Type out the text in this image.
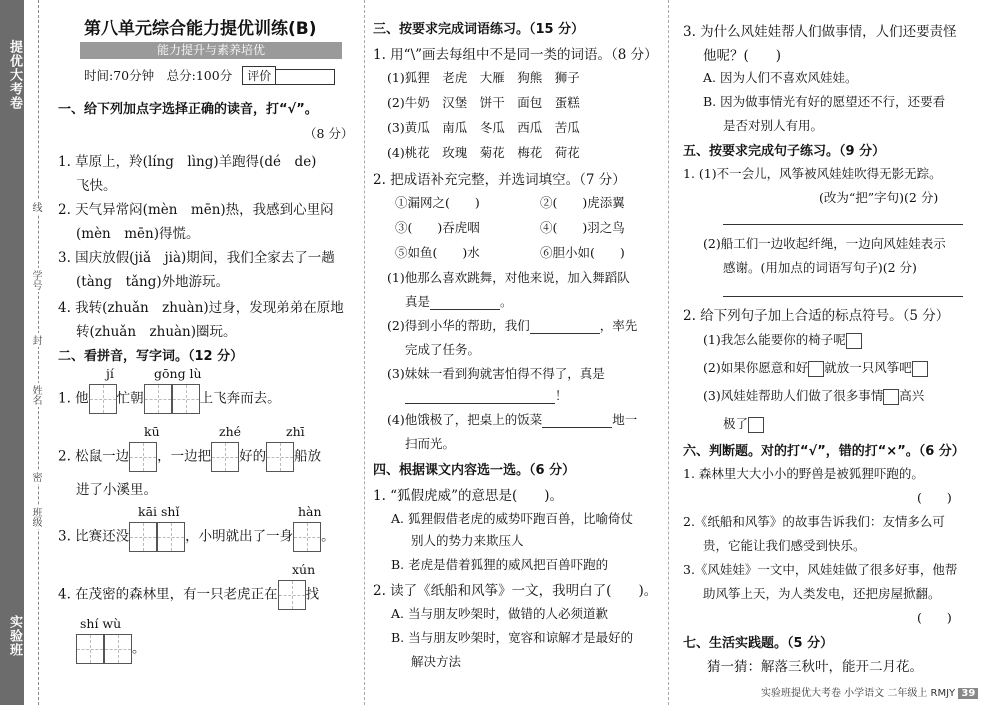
提优大考卷
实验班
线
学号
封
姓名
密
班级
第八单元综合能力提优训练(B)
能力提升与素养培优
时间:70分钟　总分:100分 评价
一、给下列加点字选择正确的读音，打“√”。
（8 分）
1. 草原上，羚(líng　lìng)羊跑得(dé　de)
飞快。
2. 天气异常闷(mèn　mēn)热，我感到心里闷
(mèn　mēn)得慌。
3. 国庆放假(jiǎ　jià)期间，我们全家去了一趟
(tàng　tǎng)外地游玩。
4. 我转(zhuǎn　zhuàn)过身，发现弟弟在原地
转(zhuǎn　zhuàn)圈玩。
二、看拼音，写字词。（12 分）
jí	gōng lù
1. 他 忙朝	上飞奔而去。
kū	zhé	zhī
2. 松鼠一边 ，一边把 好的 船放
进了小溪里。
kāi shǐ	hàn
3. 比赛还没	，小明就出了一身 。
xún
4. 在茂密的森林里，有一只老虎正在 找
shí wù
。
三、按要求完成词语练习。（15 分）
1. 用“\”画去每组中不是同一类的词语。（8 分）
(1)狐狸　老虎　大雁　狗熊　狮子
(2)牛奶　汉堡　饼干　面包　蛋糕
(3)黄瓜　南瓜　冬瓜　西瓜　苦瓜
(4)桃花　玫瑰　菊花　梅花　荷花
2. 把成语补充完整，并选词填空。（7 分）
①漏网之(　　)	②(　　)虎添翼
③(　　)吞虎咽	④(　　)羽之鸟
⑤如鱼(　　)水	⑥胆小如(　　)
(1)他那么喜欢跳舞，对他来说，加入舞蹈队
真是	。
(2)得到小华的帮助，我们	，率先
完成了任务。
(3)妹妹一看到狗就害怕得不得了，真是
！
(4)他饿极了，把桌上的饭菜	地一
扫而光。
四、根据课文内容选一选。（6 分）
1. “狐假虎威”的意思是(　　)。
A. 狐狸假借老虎的威势吓跑百兽，比喻倚仗
别人的势力来欺压人
B. 老虎是借着狐狸的威风把百兽吓跑的
2. 读了《纸船和风筝》一文，我明白了(　　)。
A. 当与朋友吵架时，做错的人必须道歉
B. 当与朋友吵架时，宽容和谅解才是最好的
解决方法
3. 为什么风娃娃帮人们做事情，人们还要责怪
他呢？(　　)
A. 因为人们不喜欢风娃娃。
B. 因为做事情光有好的愿望还不行，还要看
是否对别人有用。
五、按要求完成句子练习。（9 分）
1. (1)不一会儿，风筝被风娃娃吹得无影无踪。
(改为“把”字句)(2 分)
(2)船工们一边收起纤绳，一边向风娃娃表示
感谢。(用加点的词语写句子)(2 分)
2. 给下列句子加上合适的标点符号。（5 分）
(1)我怎么能要你的椅子呢
(2)如果你愿意和好 就放一只风筝吧
(3)风娃娃帮助人们做了很多事情 高兴
极了
六、判断题。对的打“√”，错的打“×”。（6 分）
1. 森林里大大小小的野兽是被狐狸吓跑的。
(　　)
2.《纸船和风筝》的故事告诉我们：友情多么可
贵，它能让我们感受到快乐。
3.《风娃娃》一文中，风娃娃做了很多好事，他帮
助风筝上天，为人类发电，还把房屋掀翻。
(　　)
七、生活实践题。（5 分）
猜一猜：解落三秋叶，能开二月花。
实验班提优大考卷 小学语文 二年级上 RMJY 39
